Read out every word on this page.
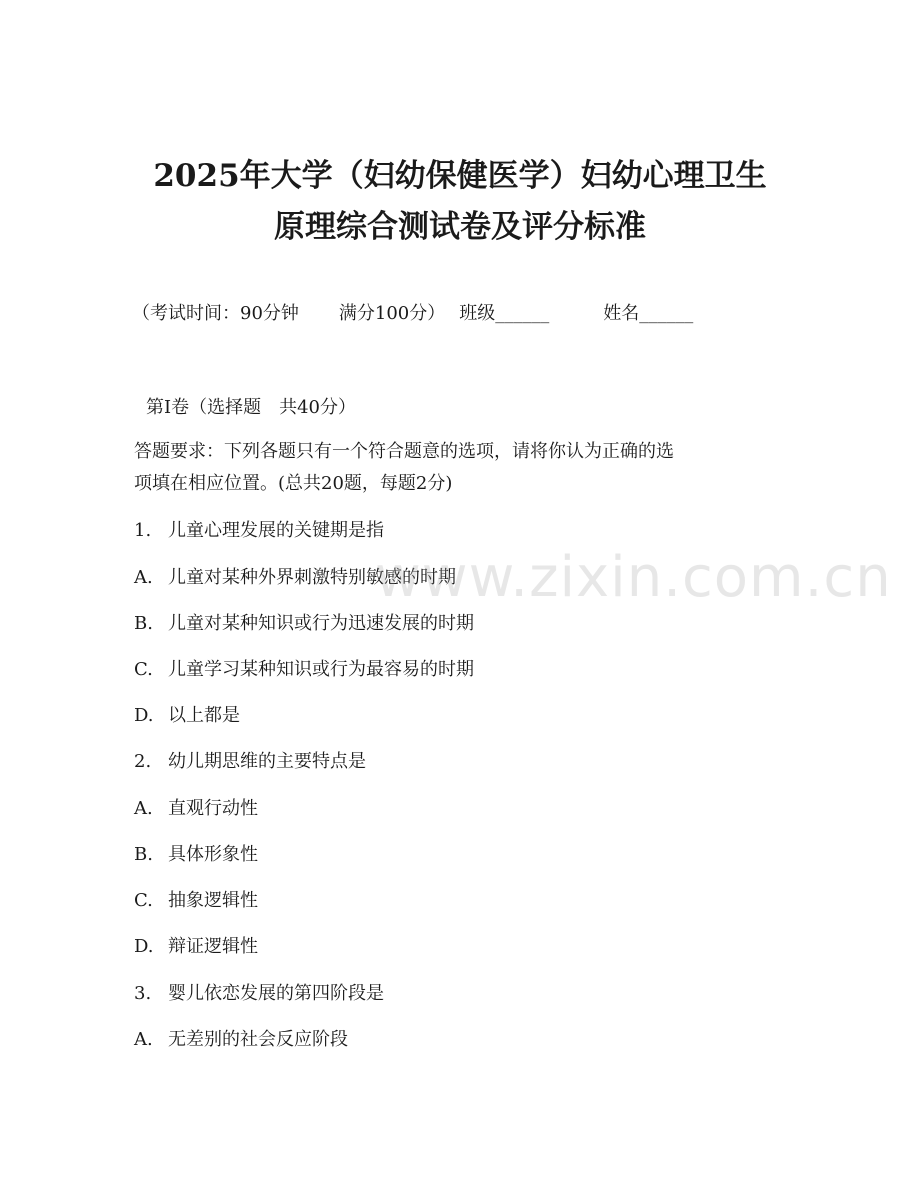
2025年大学（妇幼保健医学）妇幼心理卫生
原理综合测试卷及评分标准
（考试时间：90分钟 满分100分） 班级______	姓名______
第Ⅰ卷（选择题　共40分）
答题要求：下列各题只有一个符合题意的选项，请将你认为正确的选
项填在相应位置。(总共20题，每题2分)
1. 儿童心理发展的关键期是指
A. 儿童对某种外界刺激特别敏感的时期
B. 儿童对某种知识或行为迅速发展的时期
C. 儿童学习某种知识或行为最容易的时期
D. 以上都是
2. 幼儿期思维的主要特点是
A. 直观行动性
B. 具体形象性
C. 抽象逻辑性
D. 辩证逻辑性
3. 婴儿依恋发展的第四阶段是
A. 无差别的社会反应阶段
www.zixin.com.cn
